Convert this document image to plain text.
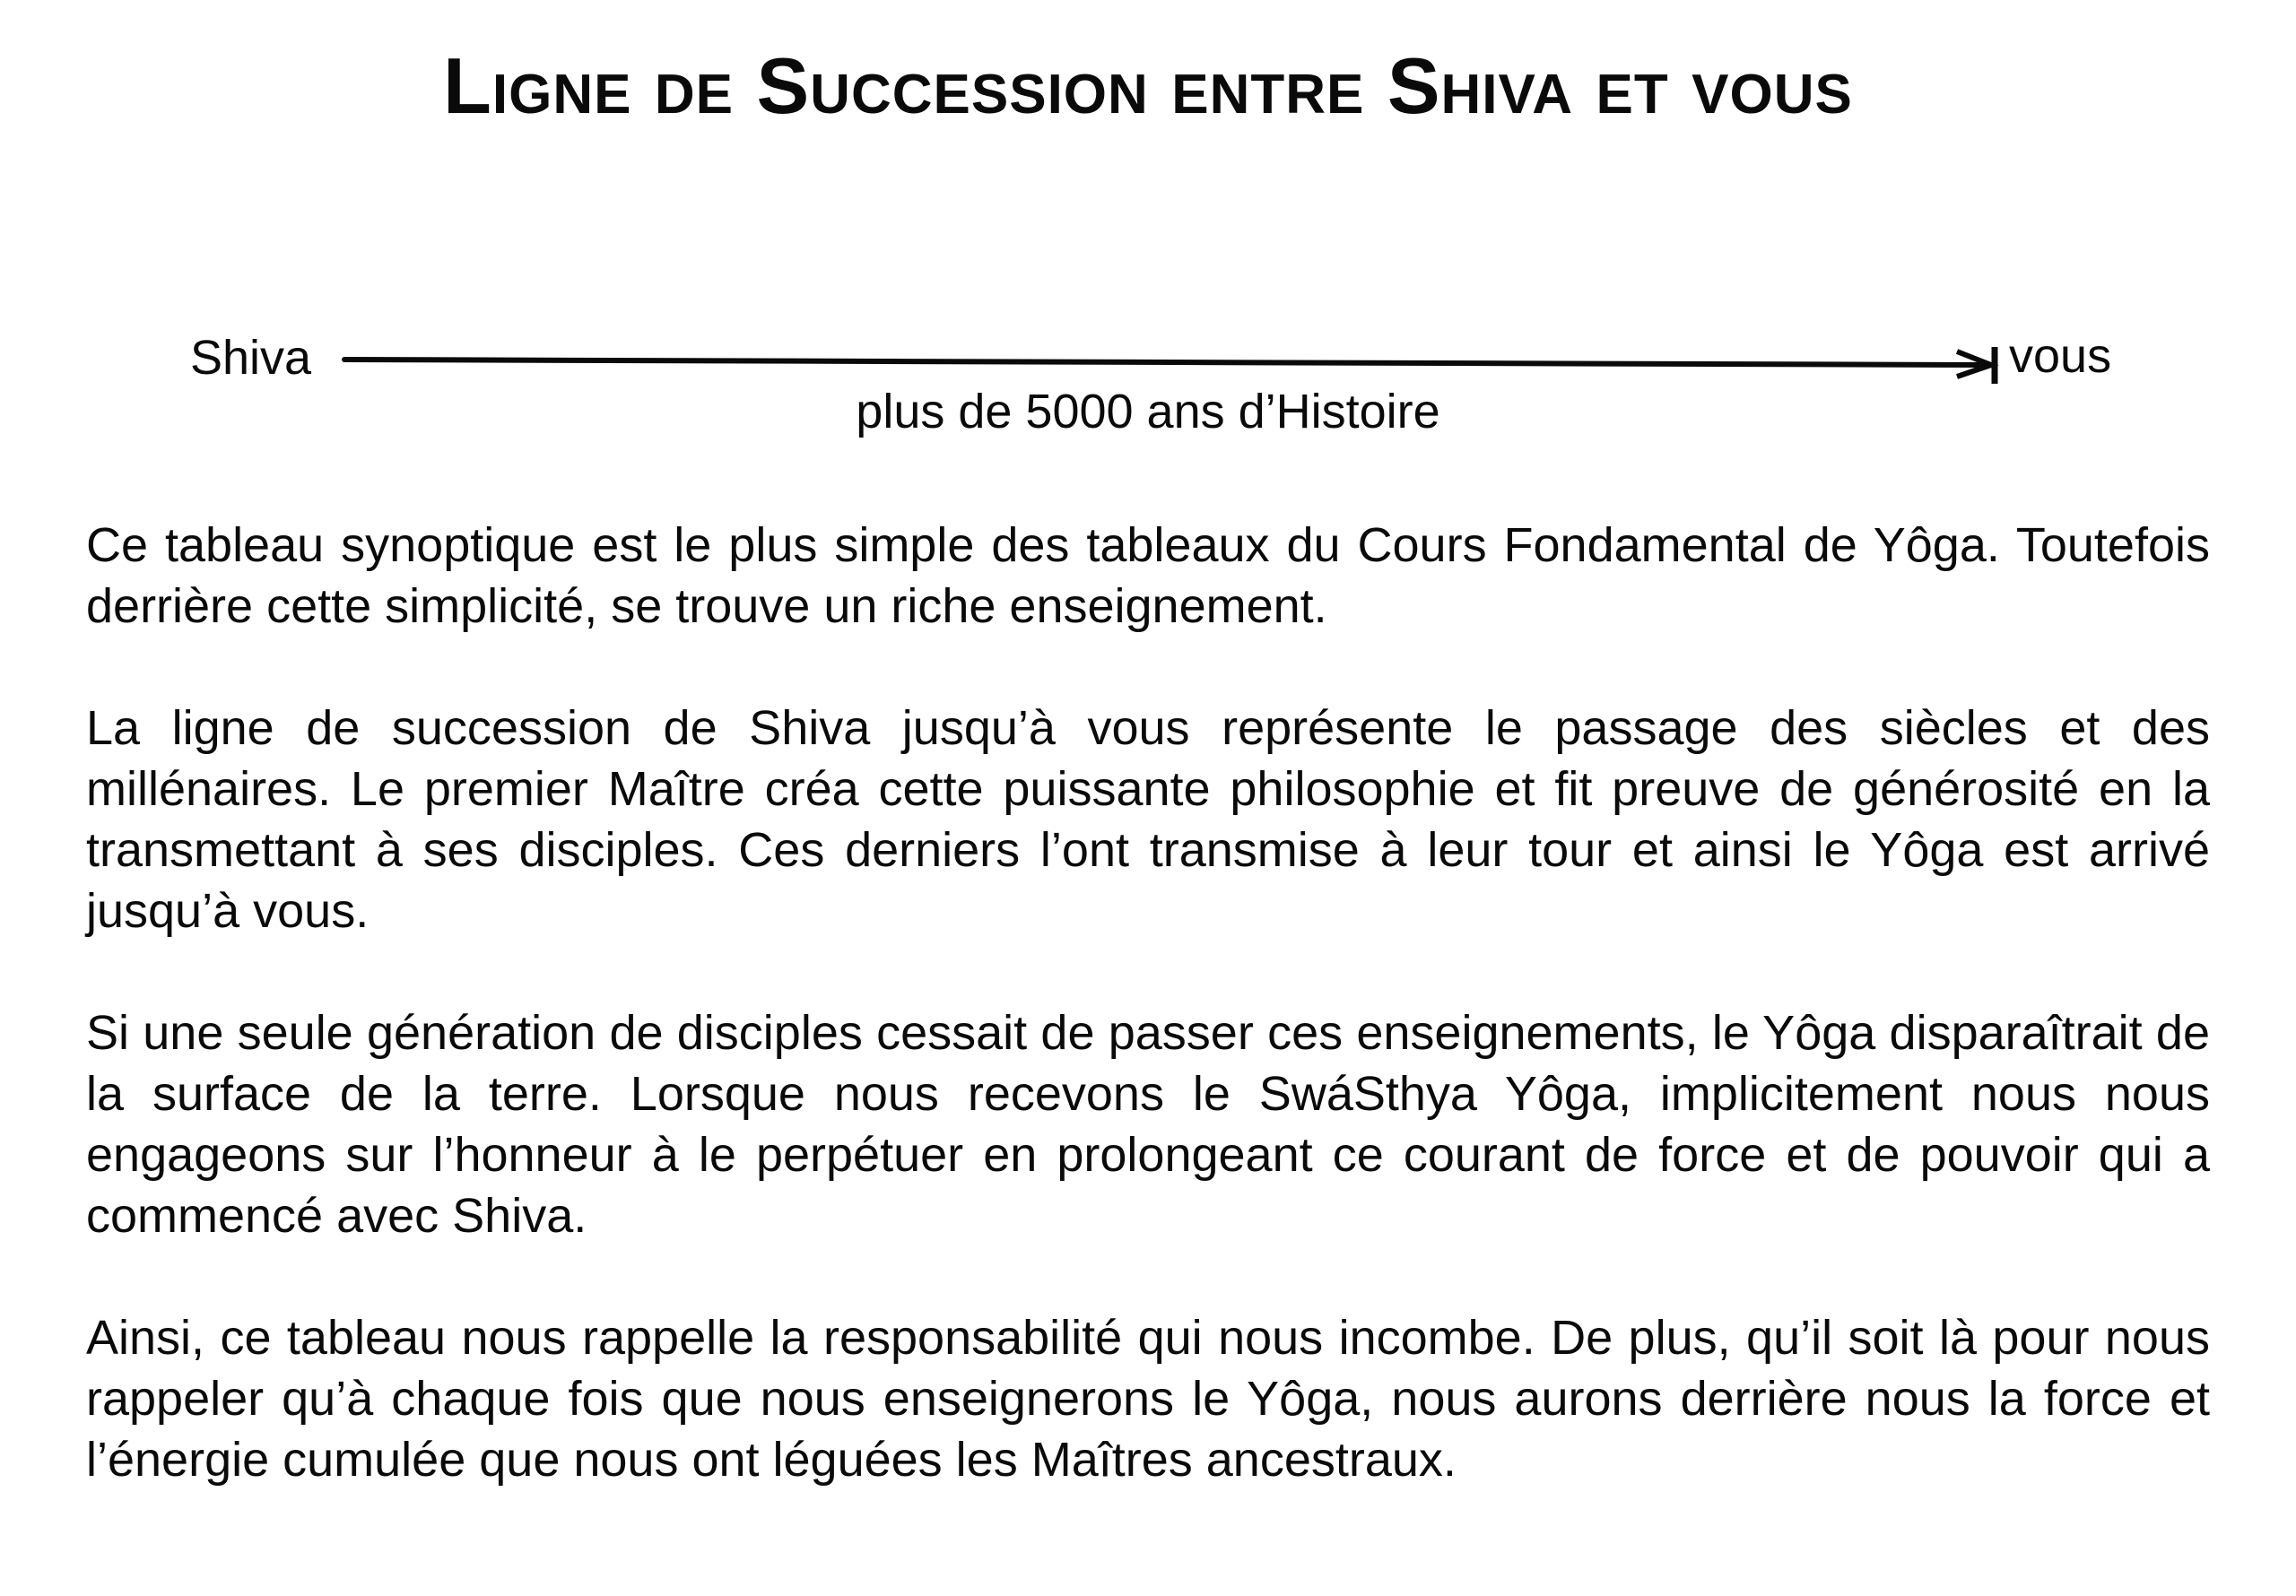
Ligne de Succession entre Shiva et vous
Shiva	vous
plus de 5000 ans d’Histoire

Ce tableau synoptique est le plus simple des tableaux du Cours Fondamental de Yôga. Toutefois derrière cette simplicité, se trouve un riche enseignement.

La ligne de succession de Shiva jusqu’à vous représente le passage des siècles et des millénaires. Le premier Maître créa cette puissante philosophie et fit preuve de générosité en la transmettant à ses disciples. Ces derniers l’ont transmise à leur tour et ainsi le Yôga est arrivé jusqu’à vous.

Si une seule génération de disciples cessait de passer ces enseignements, le Yôga disparaîtrait de la surface de la terre. Lorsque nous recevons le SwáSthya Yôga, implicitement nous nous engageons sur l’honneur à le perpétuer en prolongeant ce courant de force et de pouvoir qui a commencé avec Shiva.

Ainsi, ce tableau nous rappelle la responsabilité qui nous incombe. De plus, qu’il soit là pour nous rappeler qu’à chaque fois que nous enseignerons le Yôga, nous aurons derrière nous la force et l’énergie cumulée que nous ont léguées les Maîtres ancestraux.
